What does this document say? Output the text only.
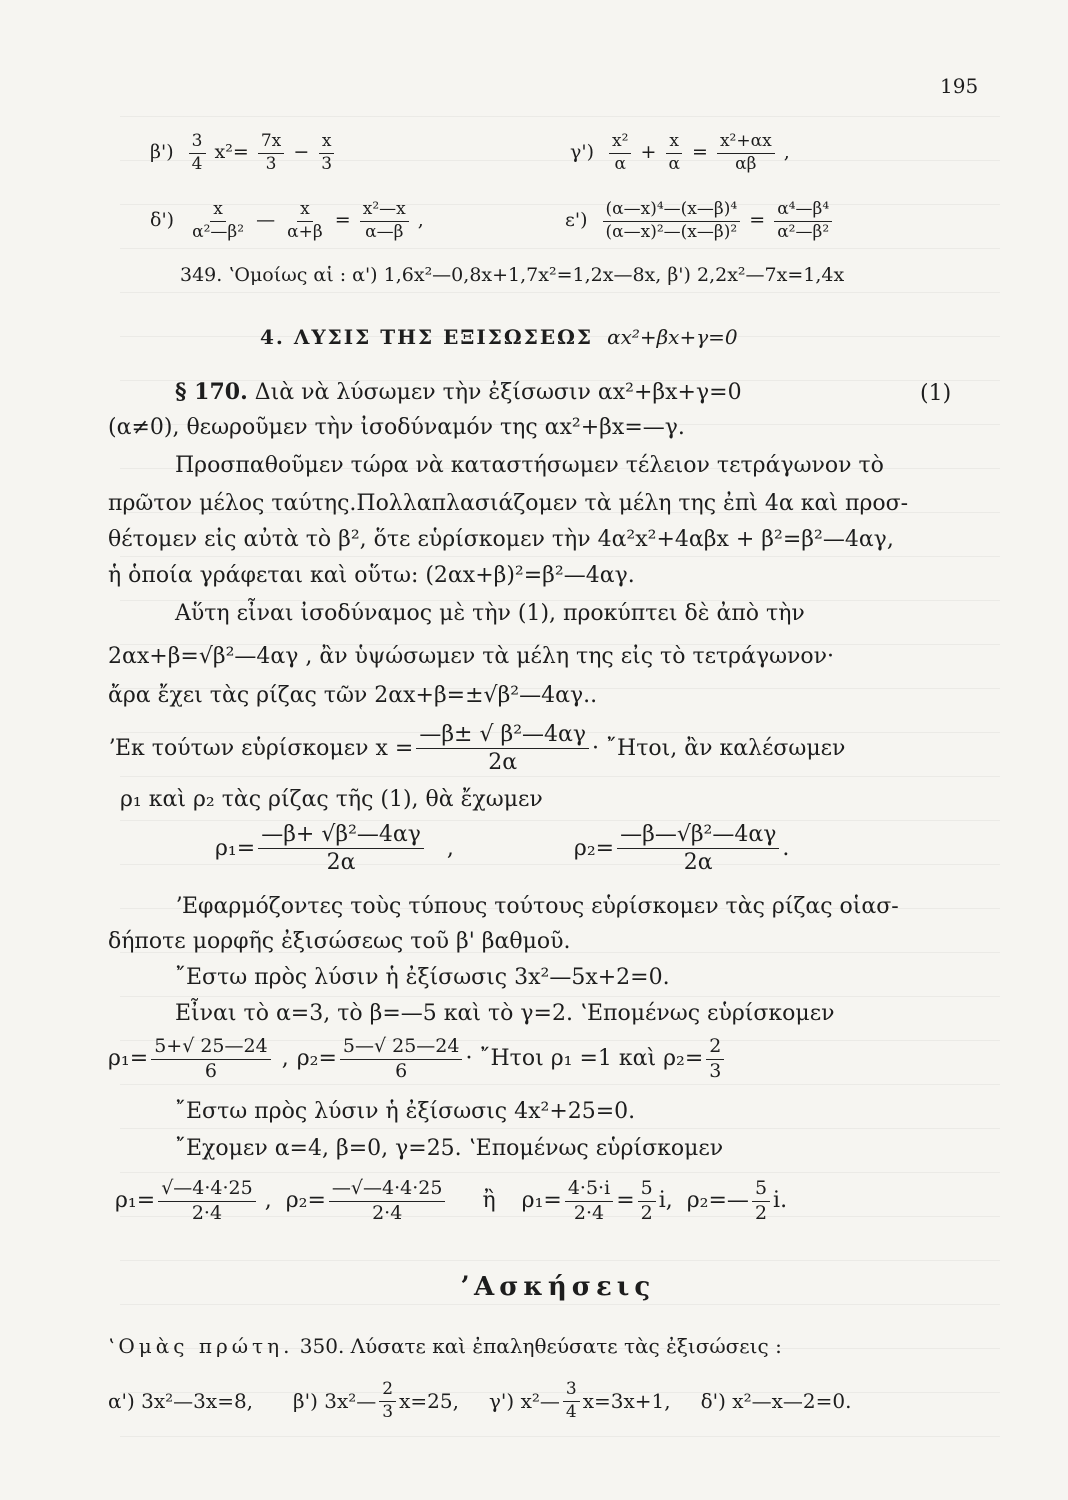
195
$\beta') \frac{3}{4} x^2= \frac{7x}{3} - \frac{x}{3}$	$\gamma') \frac{\text{x²}}{\alpha} + \frac{x}{\alpha} = \frac{\text{x²+αx}}{\alpha\beta}$ ,
$\delta') \frac{x}{\text{α²—β²}}$ — $\frac{x}{\alpha+\beta} = \frac{\text{x²—x}}{\alpha—\beta}$ ,	$\varepsilon') \frac{\text{(α—x)⁴—(x—β)⁴}}{\text{(α—x)²—(x—β)²}} = \frac{\text{α⁴—β⁴}}{\text{α²—β²}}$
349. ʽΟμοίως αἱ : α') 1,6x²—0,8x+1,7x²=1,2x—8x, β') 2,2x²—7x=1,4x
4. ΛΥΣΙΣ ΤΗΣ ΕΞΙΣΩΣΕΩΣ αx²+βx+γ=0
§ 170. Διὰ νὰ λύσωμεν τὴν ἐξίσωσιν αx²+βx+γ=0	(1)
(α≠0), θεωροῦμεν τὴν ἰσοδύναμόν της αx²+βx=—γ.
Προσπαθοῦμεν τώρα νὰ καταστήσωμεν τέλειον τετράγωνον τὸ
πρῶτον μέλος ταύτης.Πολλαπλασιάζομεν τὰ μέλη της ἐπὶ 4α καὶ προσ-
θέτομεν εἰς αὐτὰ τὸ β², ὅτε εὑρίσκομεν τὴν 4α²x²+4αβx + β²=β²—4αγ,
ἡ ὁποία γράφεται καὶ οὕτω: (2αx+β)²=β²—4αγ.
Αὕτη εἶναι ἰσοδύναμος μὲ τὴν (1), προκύπτει δὲ ἀπὸ τὴν
2αx+β=√β²—4αγ , ἂν ὑψώσωμεν τὰ μέλη της εἰς τὸ τετράγωνον·
ἄρα ἔχει τὰς ρίζας τῶν 2αx+β=±√β²—4αγ..
ʼΕκ τούτων εὑρίσκομεν $x = \frac{\text{—β± √ β²—4αγ}}{2\alpha}$ · ῎Ητοι, ἂν καλέσωμεν
ρ₁ καὶ ρ₂ τὰς ρίζας τῆς (1), θὰ ἔχωμεν
$\rho_1= \frac{\text{—β+ √β²—4αγ}}{2\alpha}$ ,	$\rho_2= \frac{\text{—β—√β²—4αγ}}{2\alpha}$ .
ʼΕφαρμόζοντες τοὺς τύπους τούτους εὑρίσκομεν τὰς ρίζας οἱασ-
δήποτε μορφῆς ἐξισώσεως τοῦ β' βαθμοῦ.
῎Εστω πρὸς λύσιν ἡ ἐξίσωσις 3x²—5x+2=0.
Εἶναι τὸ α=3, τὸ β=—5 καὶ τὸ γ=2. ʽΕπομένως εὑρίσκομεν
$\rho_1= \frac{5+√ 25—24}{6}$ , $\rho_2= \frac{5—√ 25—24}{6}$ · ῎Ητοι ρ₁ =1 καὶ $\rho_2= \frac{2}{3}$
῎Εστω πρὸς λύσιν ἡ ἐξίσωσις 4x²+25=0.
῎Εχομεν α=4, β=0, γ=25. ʽΕπομένως εὑρίσκομεν
$\rho_1= \frac{√—4\cdot 4\cdot 25}{2\cdot 4}$ , $\rho_2= \frac{—√—4\cdot 4\cdot 25}{2\cdot 4}$ ἢ $\rho_1= \frac{4\cdot 5\cdot i}{2\cdot 4} = \frac{5}{2} i$, ρ₂=— $\frac{5}{2} i$.
ʼΑσκήσεις
ʽΟμὰς πρώτη. 350. Λύσατε καὶ ἐπαληθεύσατε τὰς ἐξισώσεις :
α') 3x²—3x=8, β') 3x²— $\frac{2}{3} x=25$, γ') x²— $\frac{3}{4} x=3x+1$, δ') x²—x—2=0.
